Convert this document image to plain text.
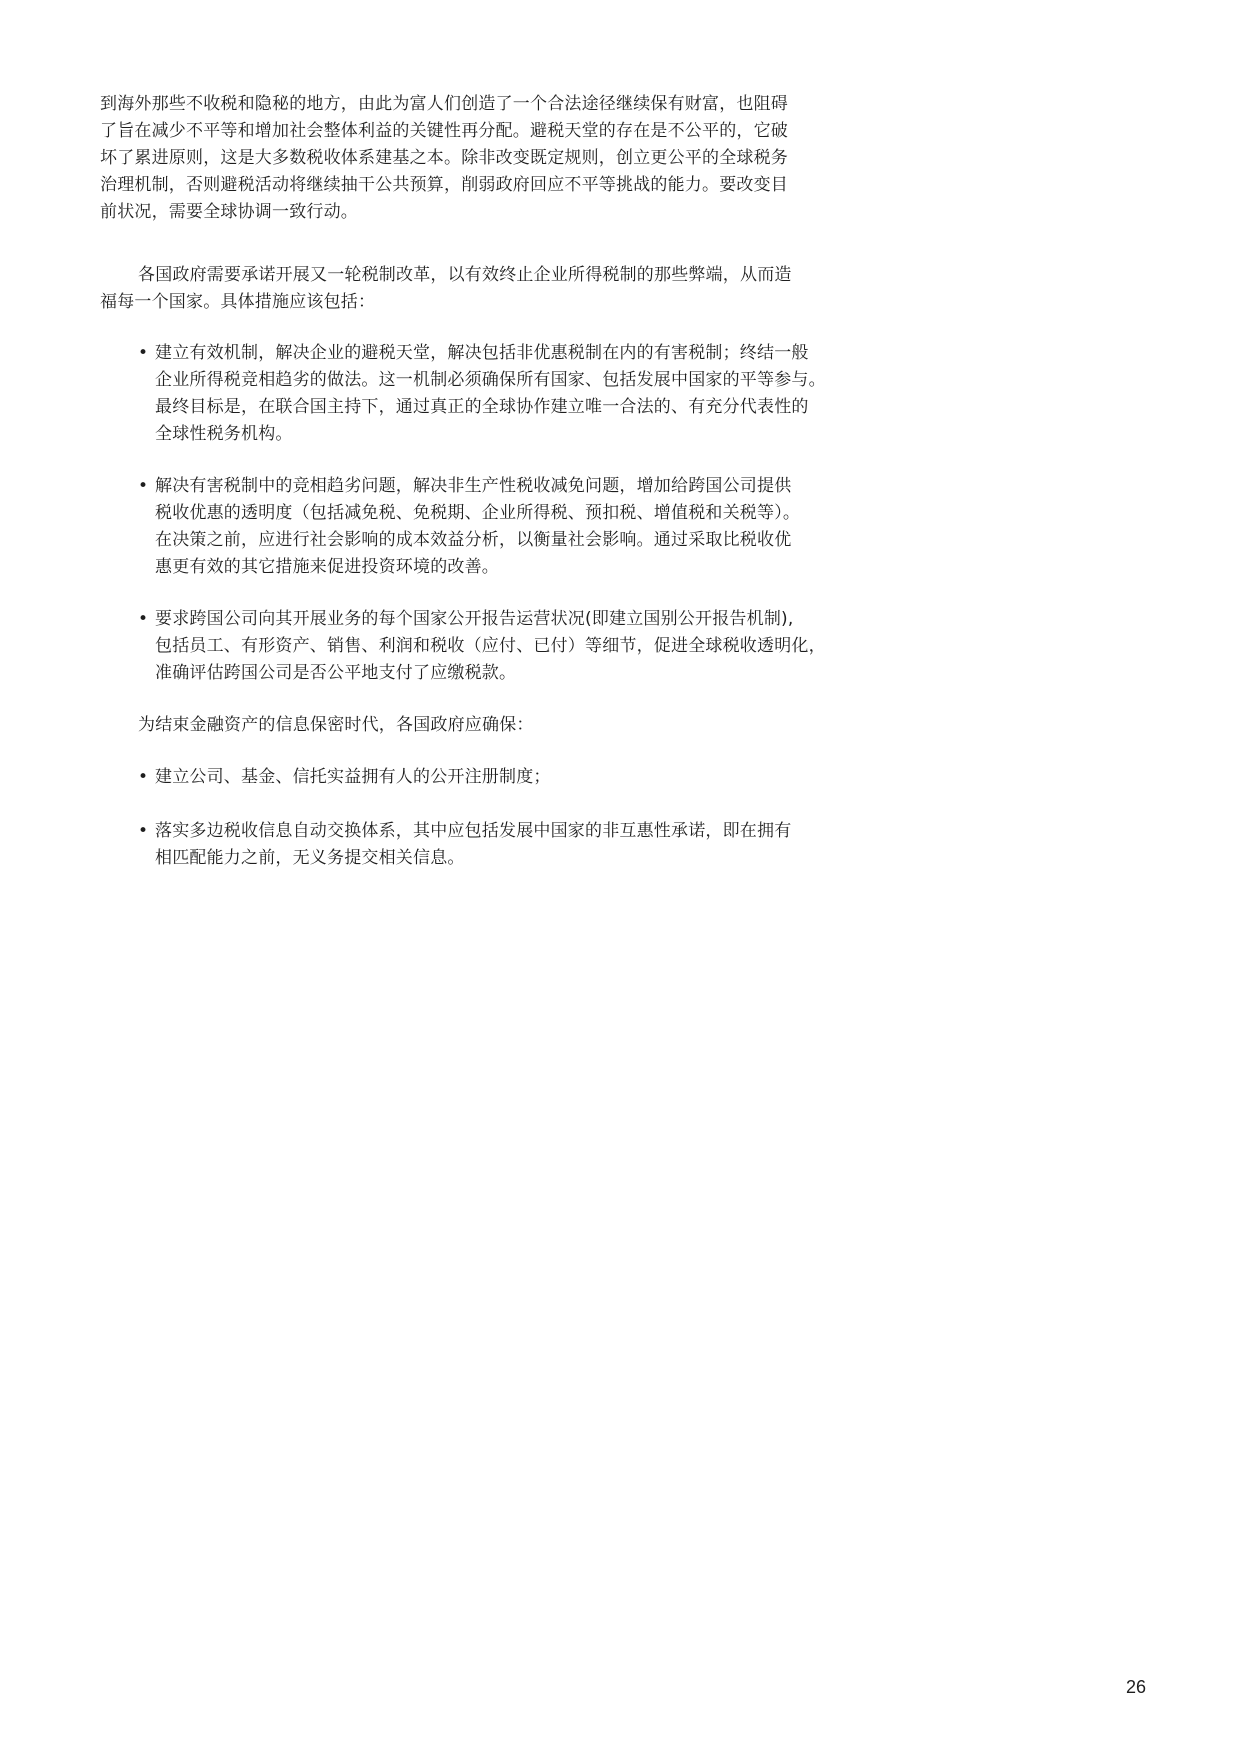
到海外那些不收税和隐秘的地方，由此为富人们创造了一个合法途径继续保有财富，也阻碍
了旨在减少不平等和增加社会整体利益的关键性再分配。避税天堂的存在是不公平的，它破
坏了累进原则，这是大多数税收体系建基之本。除非改变既定规则，创立更公平的全球税务
治理机制，否则避税活动将继续抽干公共预算，削弱政府回应不平等挑战的能力。要改变目
前状况，需要全球协调一致行动。
各国政府需要承诺开展又一轮税制改革，以有效终止企业所得税制的那些弊端，从而造
福每一个国家。具体措施应该包括：
• 建立有效机制，解决企业的避税天堂，解决包括非优惠税制在内的有害税制；终结一般
企业所得税竞相趋劣的做法。这一机制必须确保所有国家、包括发展中国家的平等参与。
最终目标是，在联合国主持下，通过真正的全球协作建立唯一合法的、有充分代表性的
全球性税务机构。
• 解决有害税制中的竞相趋劣问题，解决非生产性税收减免问题，增加给跨国公司提供
税收优惠的透明度（包括减免税、免税期、企业所得税、预扣税、增值税和关税等）。
在决策之前，应进行社会影响的成本效益分析，以衡量社会影响。通过采取比税收优
惠更有效的其它措施来促进投资环境的改善。
• 要求跨国公司向其开展业务的每个国家公开报告运营状况(即建立国别公开报告机制),
包括员工、有形资产、销售、利润和税收（应付、已付）等细节，促进全球税收透明化，
准确评估跨国公司是否公平地支付了应缴税款。
为结束金融资产的信息保密时代，各国政府应确保：
• 建立公司、基金、信托实益拥有人的公开注册制度；
• 落实多边税收信息自动交换体系，其中应包括发展中国家的非互惠性承诺，即在拥有
相匹配能力之前，无义务提交相关信息。
26
